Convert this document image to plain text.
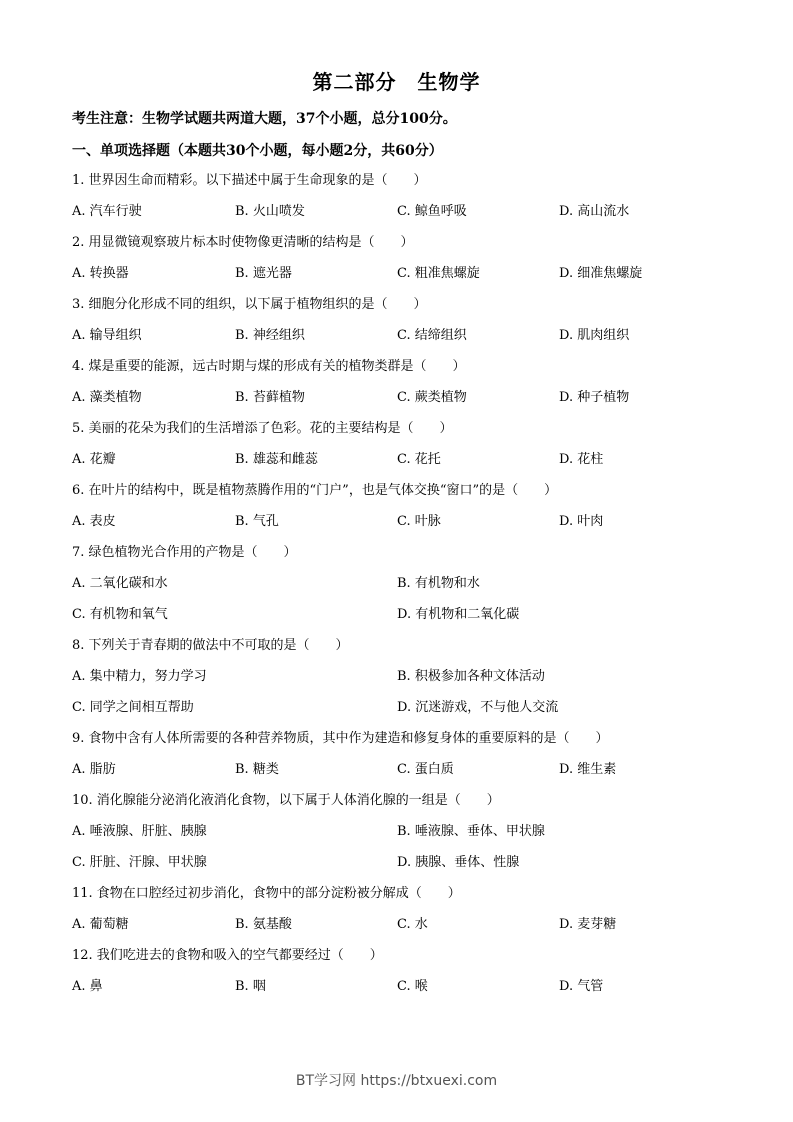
第二部分　生物学
考生注意：生物学试题共两道大题，37个小题，总分100分。
一、单项选择题（本题共30个小题，每小题2分，共60分）
1. 世界因生命而精彩。以下描述中属于生命现象的是（　　）
A. 汽车行驶	B. 火山喷发	C. 鲸鱼呼吸	D. 高山流水
2. 用显微镜观察玻片标本时使物像更清晰的结构是（　　）
A. 转换器	B. 遮光器	C. 粗准焦螺旋	D. 细准焦螺旋
3. 细胞分化形成不同的组织，以下属于植物组织的是（　　）
A. 输导组织	B. 神经组织	C. 结缔组织	D. 肌肉组织
4. 煤是重要的能源，远古时期与煤的形成有关的植物类群是（　　）
A. 藻类植物	B. 苔藓植物	C. 蕨类植物	D. 种子植物
5. 美丽的花朵为我们的生活增添了色彩。花的主要结构是（　　）
A. 花瓣	B. 雄蕊和雌蕊	C. 花托	D. 花柱
6. 在叶片的结构中，既是植物蒸腾作用的“门户”，也是气体交换“窗口”的是（　　）
A. 表皮	B. 气孔	C. 叶脉	D. 叶肉
7. 绿色植物光合作用的产物是（　　）
A. 二氧化碳和水	B. 有机物和水
C. 有机物和氧气	D. 有机物和二氧化碳
8. 下列关于青春期的做法中不可取的是（　　）
A. 集中精力，努力学习	B. 积极参加各种文体活动
C. 同学之间相互帮助	D. 沉迷游戏，不与他人交流
9. 食物中含有人体所需要的各种营养物质，其中作为建造和修复身体的重要原料的是（　　）
A. 脂肪	B. 糖类	C. 蛋白质	D. 维生素
10. 消化腺能分泌消化液消化食物，以下属于人体消化腺的一组是（　　）
A. 唾液腺、肝脏、胰腺	B. 唾液腺、垂体、甲状腺
C. 肝脏、汗腺、甲状腺	D. 胰腺、垂体、性腺
11. 食物在口腔经过初步消化，食物中的部分淀粉被分解成（　　）
A. 葡萄糖	B. 氨基酸	C. 水	D. 麦芽糖
12. 我们吃进去的食物和吸入的空气都要经过（　　）
A. 鼻	B. 咽	C. 喉	D. 气管
BT学习网 https://btxuexi.com
